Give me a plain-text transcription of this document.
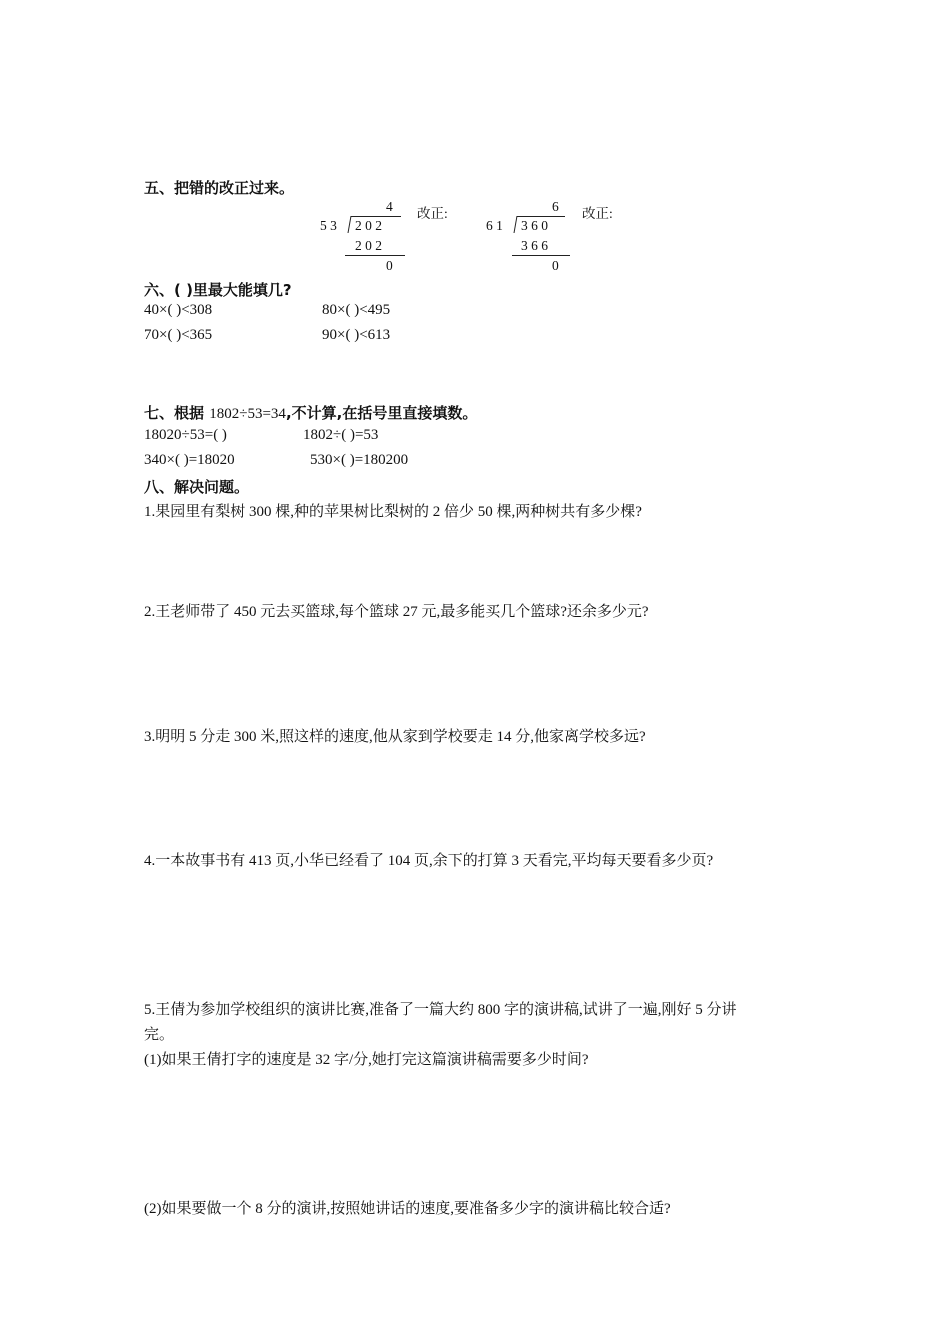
五、把错的改正过来。
4
5 3 2 0 2
2 0 2
0
改正:	6
6 1 3 6 0
3 6 6
0
改正:
六、( )里最大能填几?
40×( )<308	80×( )<495
70×( )<365	90×( )<613
七、根据 1802÷53=34,不计算,在括号里直接填数。
18020÷53=( )	1802÷( )=53
340×( )=18020	530×( )=180200
八、解决问题。
1.果园里有梨树 300 棵,种的苹果树比梨树的 2 倍少 50 棵,两种树共有多少棵?
2.王老师带了 450 元去买篮球,每个篮球 27 元,最多能买几个篮球?还余多少元?
3.明明 5 分走 300 米,照这样的速度,他从家到学校要走 14 分,他家离学校多远?
4.一本故事书有 413 页,小华已经看了 104 页,余下的打算 3 天看完,平均每天要看多少页?
5.王倩为参加学校组织的演讲比赛,准备了一篇大约 800 字的演讲稿,试讲了一遍,刚好 5 分讲
完。
(1)如果王倩打字的速度是 32 字/分,她打完这篇演讲稿需要多少时间?
(2)如果要做一个 8 分的演讲,按照她讲话的速度,要准备多少字的演讲稿比较合适?
